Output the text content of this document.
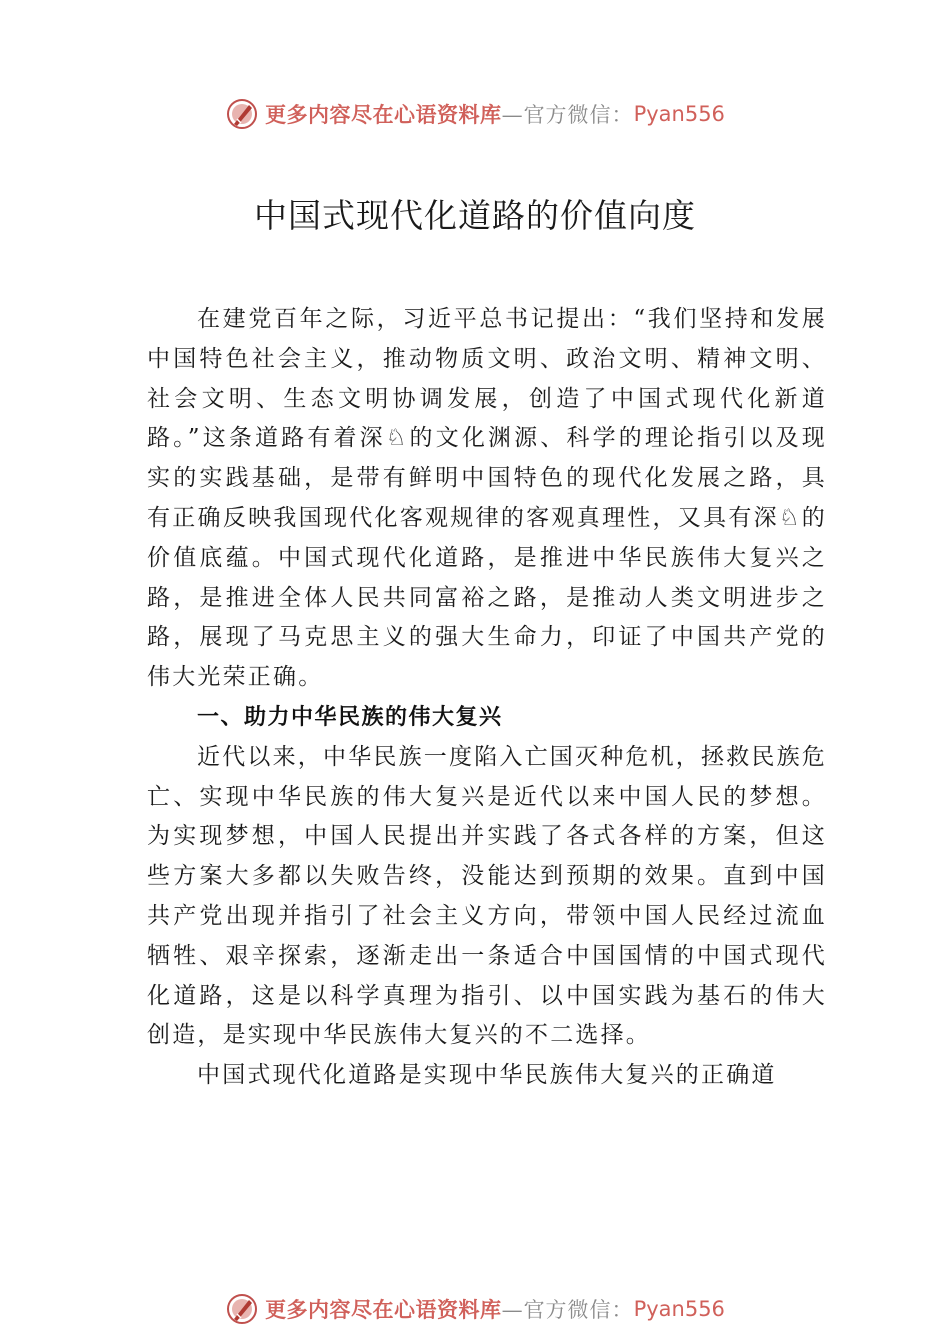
更多内容尽在心语资料库 —官方微信： Pyan556
中国式现代化道路的价值向度

在建党百年之际，习近平总书记提出：“我们坚持和发展中国特色社会主义，推动物质文明、政治文明、精神文明、社会文明、生态文明协调发展，创造了中国式现代化新道路。”这条道路有着深♘的文化渊源、科学的理论指引以及现实的实践基础，是带有鲜明中国特色的现代化发展之路，具有正确反映我国现代化客观规律的客观真理性，又具有深♘的价值底蕴。中国式现代化道路，是推进中华民族伟大复兴之路，是推进全体人民共同富裕之路，是推动人类文明进步之路，展现了马克思主义的强大生命力，印证了中国共产党的伟大光荣正确。

一、助力中华民族的伟大复兴

近代以来，中华民族一度陷入亡国灭种危机，拯救民族危亡、实现中华民族的伟大复兴是近代以来中国人民的梦想。为实现梦想，中国人民提出并实践了各式各样的方案，但这些方案大多都以失败告终，没能达到预期的效果。直到中国共产党出现并指引了社会主义方向，带领中国人民经过流血牺牲、艰辛探索，逐渐走出一条适合中国国情的中国式现代化道路，这是以科学真理为指引、以中国实践为基石的伟大创造，是实现中华民族伟大复兴的不二选择。

中国式现代化道路是实现中华民族伟大复兴的正确道

更多内容尽在心语资料库 —官方微信： Pyan556
